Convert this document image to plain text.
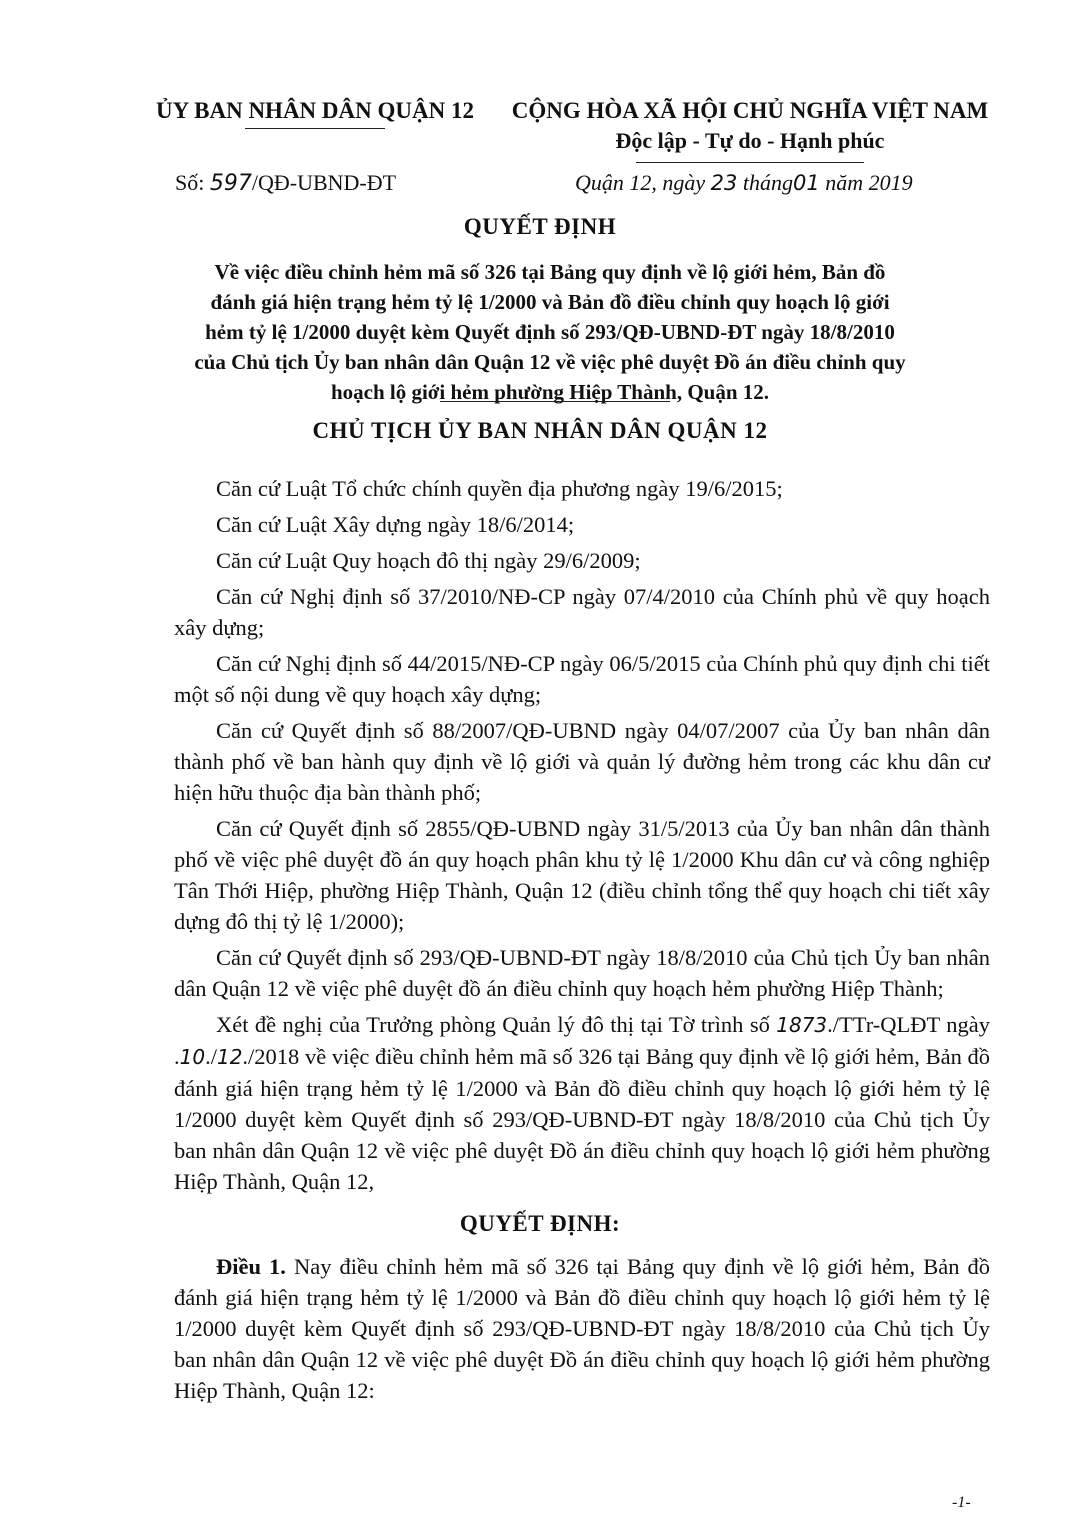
ỦY BAN NHÂN DÂN QUẬN 12	CỘNG HÒA XÃ HỘI CHỦ NGHĨA VIỆT NAM
Độc lập - Tự do - Hạnh phúc
Số: 597/QĐ-UBND-ĐT	Quận 12, ngày 23 tháng01 năm 2019
QUYẾT ĐỊNH
Về việc điều chỉnh hẻm mã số 326 tại Bảng quy định về lộ giới hẻm, Bản đồ đánh giá hiện trạng hẻm tỷ lệ 1/2000 và Bản đồ điều chỉnh quy hoạch lộ giới hẻm tỷ lệ 1/2000 duyệt kèm Quyết định số 293/QĐ-UBND-ĐT ngày 18/8/2010 của Chủ tịch Ủy ban nhân dân Quận 12 về việc phê duyệt Đồ án điều chỉnh quy hoạch lộ giới hẻm phường Hiệp Thành, Quận 12.
CHỦ TỊCH ỦY BAN NHÂN DÂN QUẬN 12

Căn cứ Luật Tổ chức chính quyền địa phương ngày 19/6/2015;

Căn cứ Luật Xây dựng ngày 18/6/2014;

Căn cứ Luật Quy hoạch đô thị ngày 29/6/2009;

Căn cứ Nghị định số 37/2010/NĐ-CP ngày 07/4/2010 của Chính phủ về quy hoạch xây dựng;

Căn cứ Nghị định số 44/2015/NĐ-CP ngày 06/5/2015 của Chính phủ quy định chi tiết một số nội dung về quy hoạch xây dựng;

Căn cứ Quyết định số 88/2007/QĐ-UBND ngày 04/07/2007 của Ủy ban nhân dân thành phố về ban hành quy định về lộ giới và quản lý đường hẻm trong các khu dân cư hiện hữu thuộc địa bàn thành phố;

Căn cứ Quyết định số 2855/QĐ-UBND ngày 31/5/2013 của Ủy ban nhân dân thành phố về việc phê duyệt đồ án quy hoạch phân khu tỷ lệ 1/2000 Khu dân cư và công nghiệp Tân Thới Hiệp, phường Hiệp Thành, Quận 12 (điều chỉnh tổng thể quy hoạch chi tiết xây dựng đô thị tỷ lệ 1/2000);

Căn cứ Quyết định số 293/QĐ-UBND-ĐT ngày 18/8/2010 của Chủ tịch Ủy ban nhân dân Quận 12 về việc phê duyệt đồ án điều chỉnh quy hoạch hẻm phường Hiệp Thành;

Xét đề nghị của Trưởng phòng Quản lý đô thị tại Tờ trình số 1873./TTr-QLĐT ngày .10./12./2018 về việc điều chỉnh hẻm mã số 326 tại Bảng quy định về lộ giới hẻm, Bản đồ đánh giá hiện trạng hẻm tỷ lệ 1/2000 và Bản đồ điều chỉnh quy hoạch lộ giới hẻm tỷ lệ 1/2000 duyệt kèm Quyết định số 293/QĐ-UBND-ĐT ngày 18/8/2010 của Chủ tịch Ủy ban nhân dân Quận 12 về việc phê duyệt Đồ án điều chỉnh quy hoạch lộ giới hẻm phường Hiệp Thành, Quận 12,

QUYẾT ĐỊNH:

Điều 1. Nay điều chỉnh hẻm mã số 326 tại Bảng quy định về lộ giới hẻm, Bản đồ đánh giá hiện trạng hẻm tỷ lệ 1/2000 và Bản đồ điều chỉnh quy hoạch lộ giới hẻm tỷ lệ 1/2000 duyệt kèm Quyết định số 293/QĐ-UBND-ĐT ngày 18/8/2010 của Chủ tịch Ủy ban nhân dân Quận 12 về việc phê duyệt Đồ án điều chỉnh quy hoạch lộ giới hẻm phường Hiệp Thành, Quận 12:

-1-
